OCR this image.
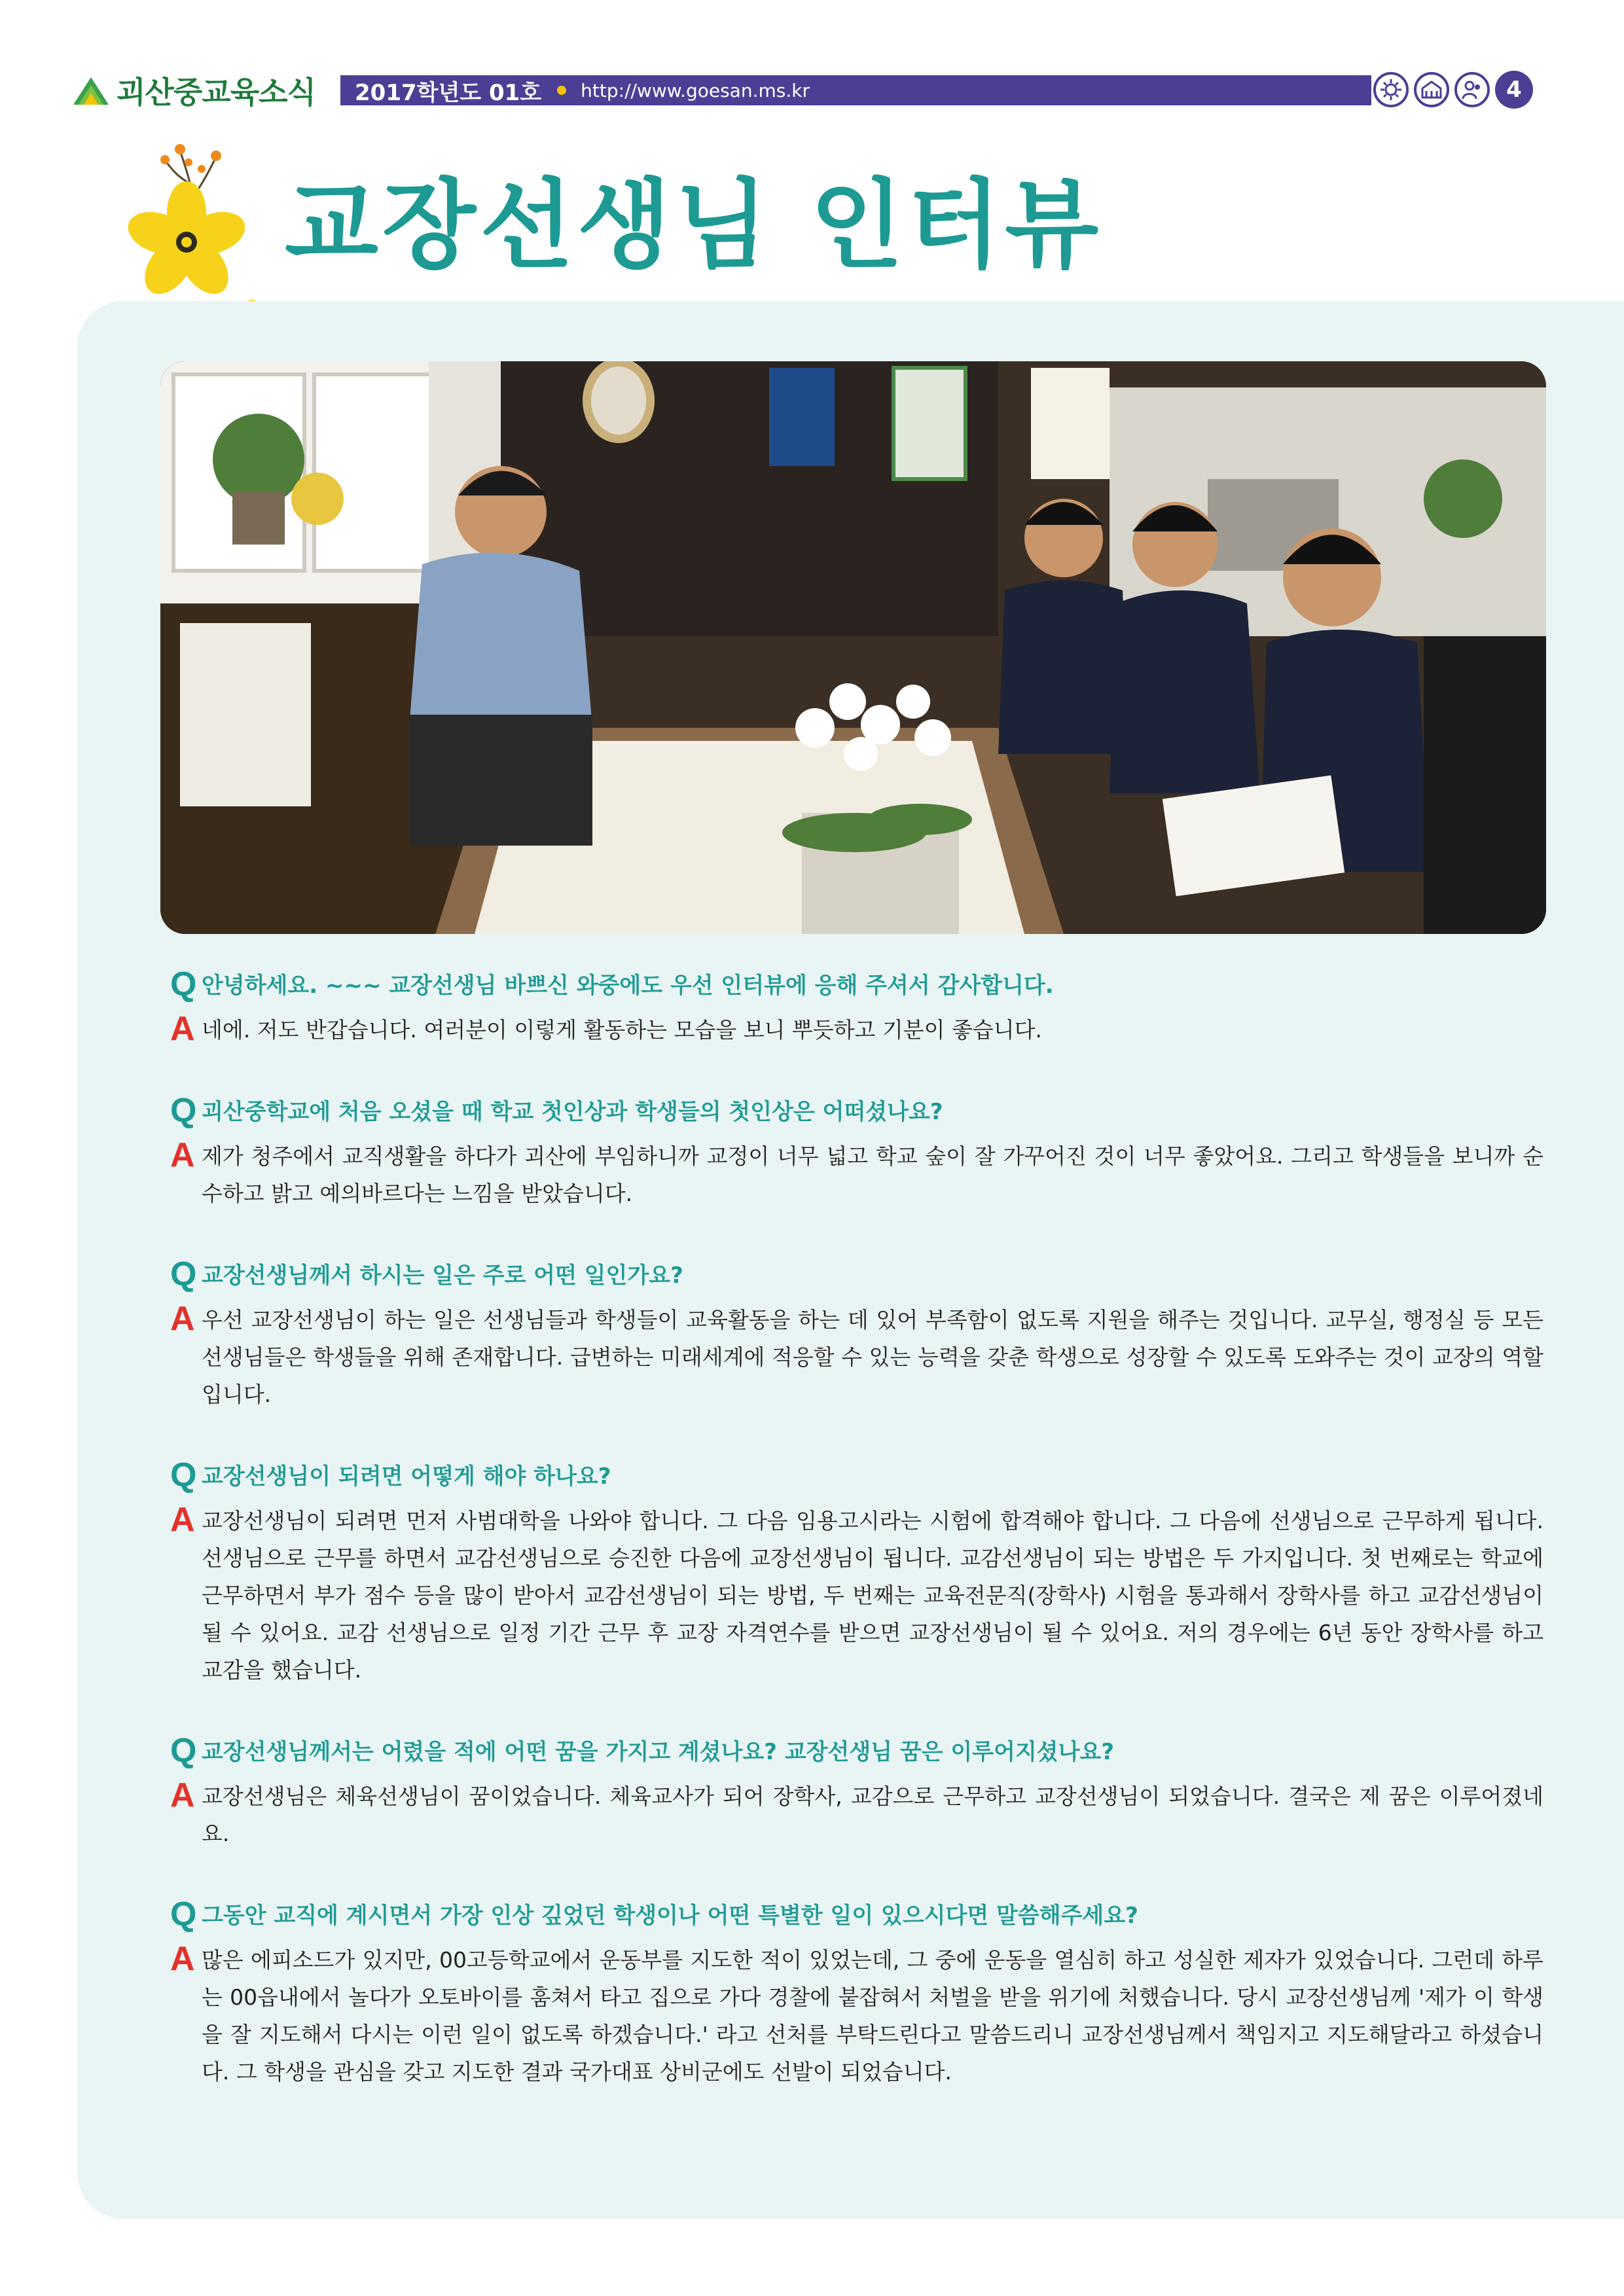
괴산중교육소식 2017학년도 01호 http://www.goesan.ms.kr	4
교장선생님 인터뷰
Q 안녕하세요. ~~~ 교장선생님 바쁘신 와중에도 우선 인터뷰에 응해 주셔서 감사합니다.
A 네에. 저도 반갑습니다. 여러분이 이렇게 활동하는 모습을 보니 뿌듯하고 기분이 좋습니다.
Q 괴산중학교에 처음 오셨을 때 학교 첫인상과 학생들의 첫인상은 어떠셨나요?
A 제가 청주에서 교직생활을 하다가 괴산에 부임하니까 교정이 너무 넓고 학교 숲이 잘 가꾸어진 것이 너무 좋았어요. 그리고 학생들을 보니까 순수하고 밝고 예의바르다는 느낌을 받았습니다.
Q 교장선생님께서 하시는 일은 주로 어떤 일인가요?
A 우선 교장선생님이 하는 일은 선생님들과 학생들이 교육활동을 하는 데 있어 부족함이 없도록 지원을 해주는 것입니다. 교무실, 행정실 등 모든 선생님들은 학생들을 위해 존재합니다. 급변하는 미래세계에 적응할 수 있는 능력을 갖춘 학생으로 성장할 수 있도록 도와주는 것이 교장의 역할입니다.
Q 교장선생님이 되려면 어떻게 해야 하나요?
A 교장선생님이 되려면 먼저 사범대학을 나와야 합니다. 그 다음 임용고시라는 시험에 합격해야 합니다. 그 다음에 선생님으로 근무하게 됩니다. 선생님으로 근무를 하면서 교감선생님으로 승진한 다음에 교장선생님이 됩니다. 교감선생님이 되는 방법은 두 가지입니다. 첫 번째로는 학교에 근무하면서 부가 점수 등을 많이 받아서 교감선생님이 되는 방법, 두 번째는 교육전문직(장학사) 시험을 통과해서 장학사를 하고 교감선생님이 될 수 있어요. 교감 선생님으로 일정 기간 근무 후 교장 자격연수를 받으면 교장선생님이 될 수 있어요. 저의 경우에는 6년 동안 장학사를 하고 교감을 했습니다.
Q 교장선생님께서는 어렸을 적에 어떤 꿈을 가지고 계셨나요? 교장선생님 꿈은 이루어지셨나요?
A 교장선생님은 체육선생님이 꿈이었습니다. 체육교사가 되어 장학사, 교감으로 근무하고 교장선생님이 되었습니다. 결국은 제 꿈은 이루어졌네요.
Q 그동안 교직에 계시면서 가장 인상 깊었던 학생이나 어떤 특별한 일이 있으시다면 말씀해주세요?
A 많은 에피소드가 있지만, 00고등학교에서 운동부를 지도한 적이 있었는데, 그 중에 운동을 열심히 하고 성실한 제자가 있었습니다. 그런데 하루는 00읍내에서 놀다가 오토바이를 훔쳐서 타고 집으로 가다 경찰에 붙잡혀서 처벌을 받을 위기에 처했습니다. 당시 교장선생님께 '제가 이 학생을 잘 지도해서 다시는 이런 일이 없도록 하겠습니다.' 라고 선처를 부탁드린다고 말씀드리니 교장선생님께서 책임지고 지도해달라고 하셨습니다. 그 학생을 관심을 갖고 지도한 결과 국가대표 상비군에도 선발이 되었습니다.
